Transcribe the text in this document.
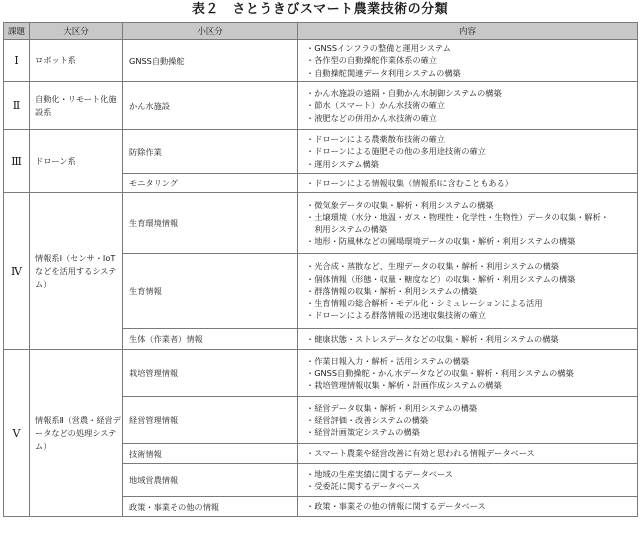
表２　さとうきびスマート農業技術の分類
課題	大区分	小区分	内容
Ⅰ	ロボット系	GNSS自動操舵	・GNSSインフラの整備と運用システム
・各作型の自動操舵作業体系の確立
・自動操舵関連データ利用システムの構築

Ⅱ	自動化・リモート化施設系	かん水施設	・かん水施設の遠隔・自動かん水制御システムの構築
・節水（スマート）かん水技術の確立
・液肥などの併用かん水技術の確立

Ⅲ	ドローン系	防除作業	・ドローンによる農薬散布技術の確立
・ドローンによる施肥その他の多用途技術の確立
・運用システム構築

		モニタリング	・ドローンによる情報収集（情報系Ⅰに含むこともある）

Ⅳ	情報系Ⅰ（センサ・IoTなどを活用するシステム）	生育環境情報	・微気象データの収集・解析・利用システムの構築
・土壌環境（水分・地温・ガス・物理性・化学性・生物性）データの収集・解析・
　利用システムの構築
・地形・防風林などの圃場環境データの収集・解析・利用システムの構築

		生育情報	・光合成・蒸散など、生理データの収集・解析・利用システムの構築
・個体情報（形態・収量・糖度など）の収集・解析・利用システムの構築
・群落情報の収集・解析・利用システムの構築
・生育情報の総合解析・モデル化・シミュレーションによる活用
・ドローンによる群落情報の迅速収集技術の確立

		生体（作業者）情報	・健康状態・ストレスデータなどの収集・解析・利用システムの構築

Ⅴ	情報系Ⅱ（営農・経営データなどの処理システム）	栽培管理情報	・作業日報入力・解析・活用システムの構築
・GNSS自動操舵・かん水データなどの収集・解析・利用システムの構築
・栽培管理情報収集・解析・計画作成システムの構築

		経営管理情報	・経営データ収集・解析・利用システムの構築
・経営評価・改善システムの構築
・経営計画策定システムの構築

		技術情報	・スマート農業や経営改善に有効と思われる情報データベース

		地域営農情報	・地域の生産実績に関するデータベース
・受委託に関するデータベース

		政策・事業その他の情報	・政策・事業その他の情報に関するデータベース
